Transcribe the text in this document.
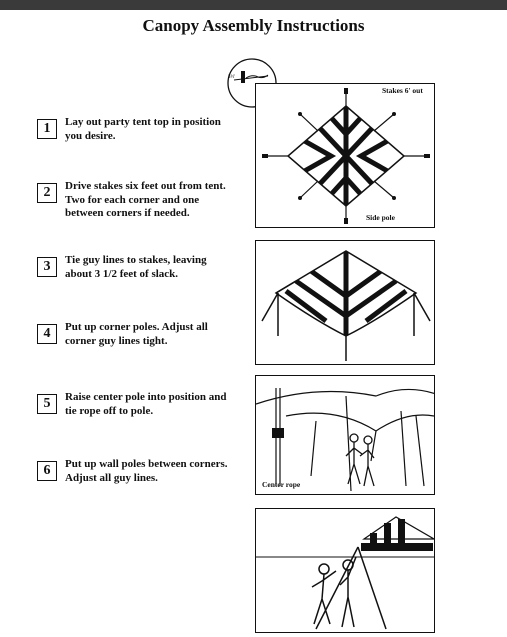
Canopy Assembly Instructions
1	Lay out party tent top in position you desire.
2	Drive stakes six feet out from tent. Two for each corner and one between corners if needed.
3	Tie guy lines to stakes, leaving about 3 1/2 feet of slack.
4	Put up corner poles. Adjust all corner guy lines tight.
5	Raise center pole into position and tie rope off to pole.
6	Put up wall poles between corners. Adjust all guy lines.
3½'
Stakes 6' out
Side pole
Center rope
